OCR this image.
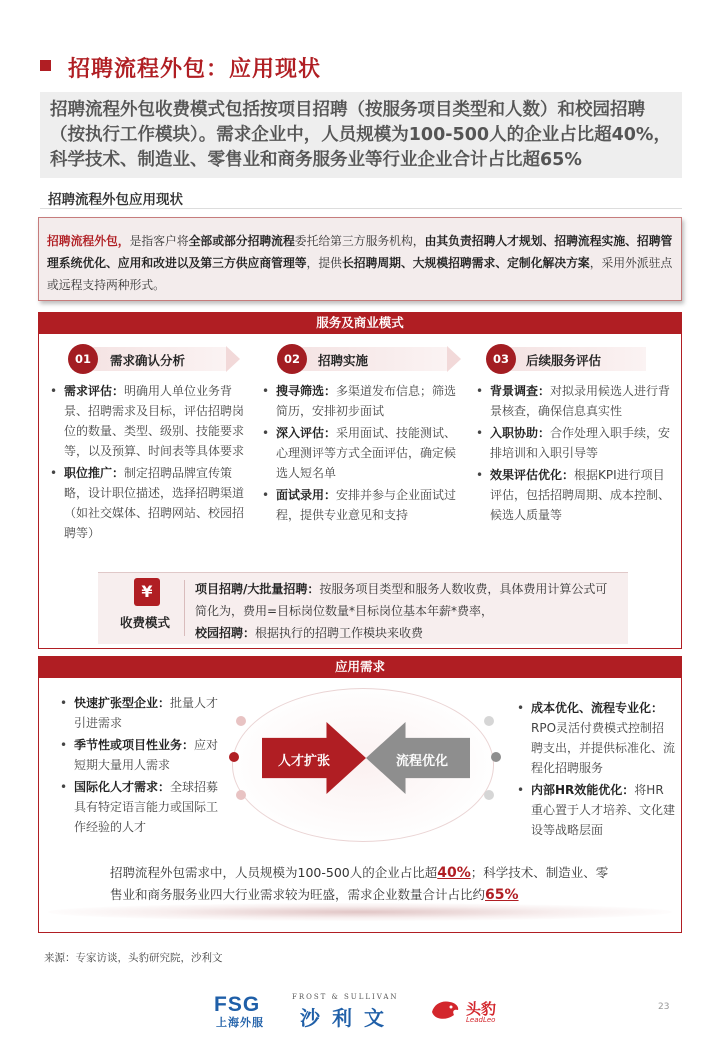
招聘流程外包：应用现状
招聘流程外包收费模式包括按项目招聘（按服务项目类型和人数）和校园招聘（按执行工作模块）。需求企业中，人员规模为100-500人的企业占比超40%，科学技术、制造业、零售业和商务服务业等行业企业合计占比超65%
招聘流程外包应用现状
招聘流程外包，是指客户将全部或部分招聘流程委托给第三方服务机构，由其负责招聘人才规划、招聘流程实施、招聘管理系统优化、应用和改进以及第三方供应商管理等，提供长招聘周期、大规模招聘需求、定制化解决方案，采用外派驻点或远程支持两种形式。
服务及商业模式
01	需求确认分析	02	招聘实施	03	后续服务评估
• 需求评估：明确用人单位业务背景、招聘需求及目标，评估招聘岗位的数量、类型、级别、技能要求等，以及预算、时间表等具体要求
• 职位推广：制定招聘品牌宣传策略，设计职位描述，选择招聘渠道（如社交媒体、招聘网站、校园招聘等）
• 搜寻筛选：多渠道发布信息；筛选简历，安排初步面试
• 深入评估：采用面试、技能测试、心理测评等方式全面评估，确定候选人短名单
• 面试录用：安排并参与企业面试过程，提供专业意见和支持
• 背景调查：对拟录用候选人进行背景核查，确保信息真实性
• 入职协助：合作处理入职手续，安排培训和入职引导等
• 效果评估优化：根据KPI进行项目评估，包括招聘周期、成本控制、候选人质量等
¥
收费模式
项目招聘/大批量招聘：按服务项目类型和服务人数收费，具体费用计算公式可简化为，费用=目标岗位数量*目标岗位基本年薪*费率，
校园招聘：根据执行的招聘工作模块来收费
应用需求
人才扩张	流程优化
• 快速扩张型企业：批量人才引进需求
• 季节性或项目性业务：应对短期大量用人需求
• 国际化人才需求：全球招募具有特定语言能力或国际工作经验的人才
• 成本优化、流程专业化：RPO灵活付费模式控制招聘支出，并提供标准化、流程化招聘服务
• 内部HR效能优化：将HR重心置于人才培养、文化建设等战略层面
招聘流程外包需求中，人员规模为100-500人的企业占比超40%；科学技术、制造业、零售业和商务服务业四大行业需求较为旺盛，需求企业数量合计占比约65%
来源：专家访谈，头豹研究院，沙利文
FSG
上海外服
FROST & SULLIVAN
沙利文	头豹
LeadLeo
23
